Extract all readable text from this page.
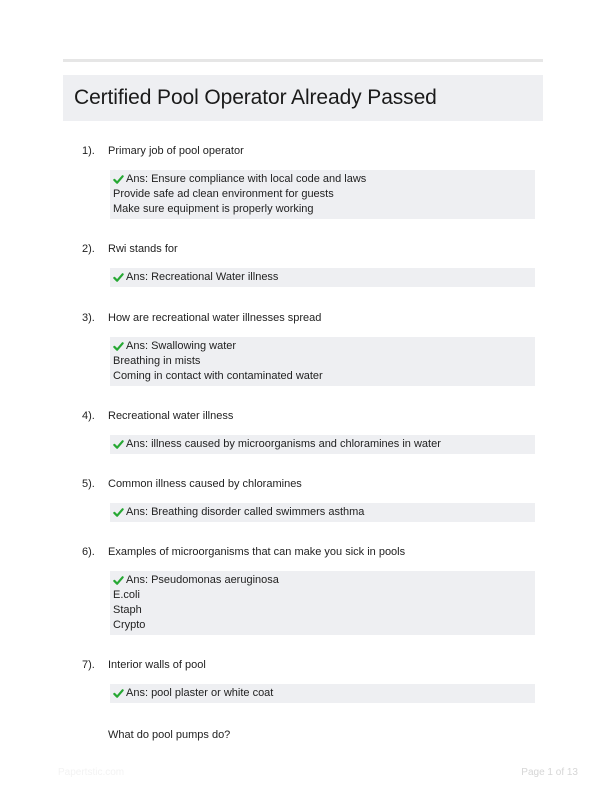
Certified Pool Operator Already Passed
1). Primary job of pool operator
Ans: Ensure compliance with local code and laws
Provide safe ad clean environment for guests
Make sure equipment is properly working
2). Rwi stands for
Ans: Recreational Water illness
3). How are recreational water illnesses spread
Ans: Swallowing water
Breathing in mists
Coming in contact with contaminated water
4). Recreational water illness
Ans: illness caused by microorganisms and chloramines in water
5). Common illness caused by chloramines
Ans: Breathing disorder called swimmers asthma
6). Examples of microorganisms that can make you sick in pools
Ans: Pseudomonas aeruginosa
E.coli
Staph
Crypto
7). Interior walls of pool
Ans: pool plaster or white coat
What do pool pumps do?
Papertstic.com	Page 1 of 13
